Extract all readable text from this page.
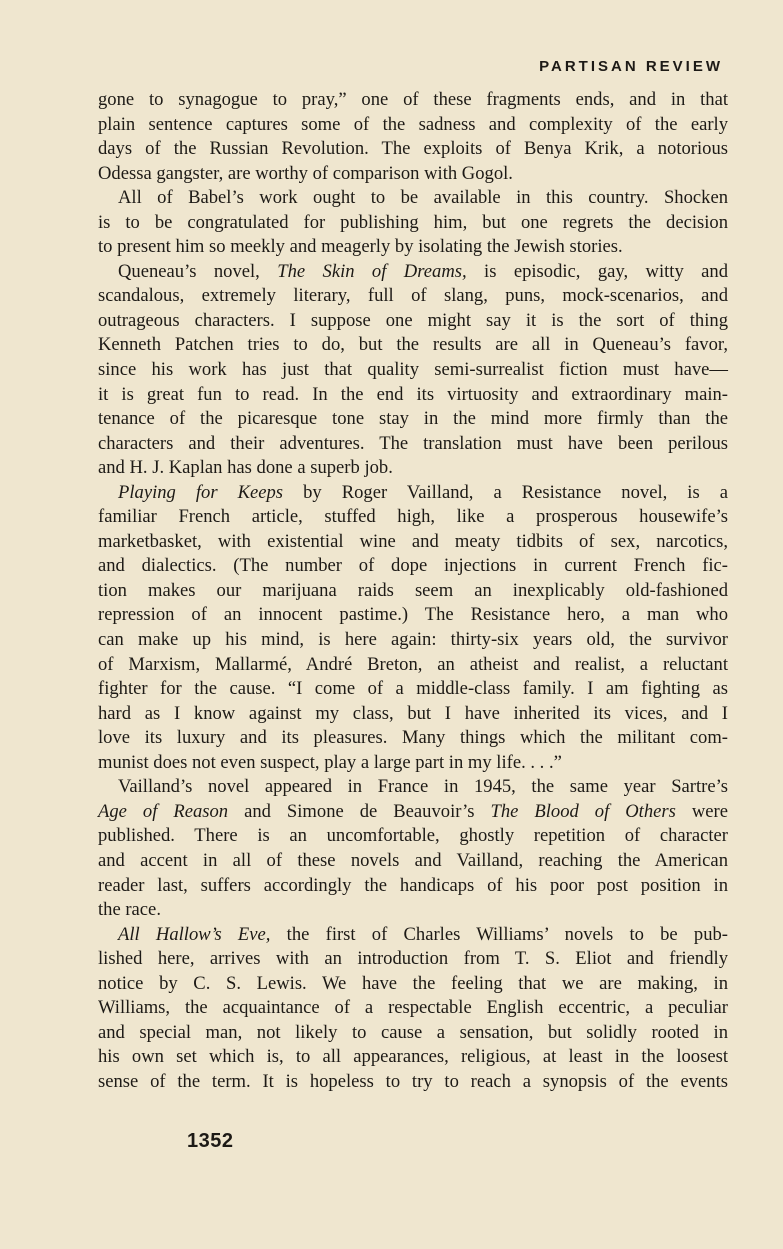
PARTISAN REVIEW
gone to synagogue to pray,” one of these fragments ends, and in that
plain sentence captures some of the sadness and complexity of the early
days of the Russian Revolution. The exploits of Benya Krik, a notorious
Odessa gangster, are worthy of comparison with Gogol.
All of Babel’s work ought to be available in this country. Shocken
is to be congratulated for publishing him, but one regrets the decision
to present him so meekly and meagerly by isolating the Jewish stories.
Queneau’s novel, The Skin of Dreams, is episodic, gay, witty and
scandalous, extremely literary, full of slang, puns, mock-scenarios, and
outrageous characters. I suppose one might say it is the sort of thing
Kenneth Patchen tries to do, but the results are all in Queneau’s favor,
since his work has just that quality semi-surrealist fiction must have—
it is great fun to read. In the end its virtuosity and extraordinary main-
tenance of the picaresque tone stay in the mind more firmly than the
characters and their adventures. The translation must have been perilous
and H. J. Kaplan has done a superb job.
Playing for Keeps by Roger Vailland, a Resistance novel, is a
familiar French article, stuffed high, like a prosperous housewife’s
marketbasket, with existential wine and meaty tidbits of sex, narcotics,
and dialectics. (The number of dope injections in current French fic-
tion makes our marijuana raids seem an inexplicably old-fashioned
repression of an innocent pastime.) The Resistance hero, a man who
can make up his mind, is here again: thirty-six years old, the survivor
of Marxism, Mallarmé, André Breton, an atheist and realist, a reluctant
fighter for the cause. “I come of a middle-class family. I am fighting as
hard as I know against my class, but I have inherited its vices, and I
love its luxury and its pleasures. Many things which the militant com-
munist does not even suspect, play a large part in my life. . . .”
Vailland’s novel appeared in France in 1945, the same year Sartre’s
Age of Reason and Simone de Beauvoir’s The Blood of Others were
published. There is an uncomfortable, ghostly repetition of character
and accent in all of these novels and Vailland, reaching the American
reader last, suffers accordingly the handicaps of his poor post position in
the race.
All Hallow’s Eve, the first of Charles Williams’ novels to be pub-
lished here, arrives with an introduction from T. S. Eliot and friendly
notice by C. S. Lewis. We have the feeling that we are making, in
Williams, the acquaintance of a respectable English eccentric, a peculiar
and special man, not likely to cause a sensation, but solidly rooted in
his own set which is, to all appearances, religious, at least in the loosest
sense of the term. It is hopeless to try to reach a synopsis of the events
1352
